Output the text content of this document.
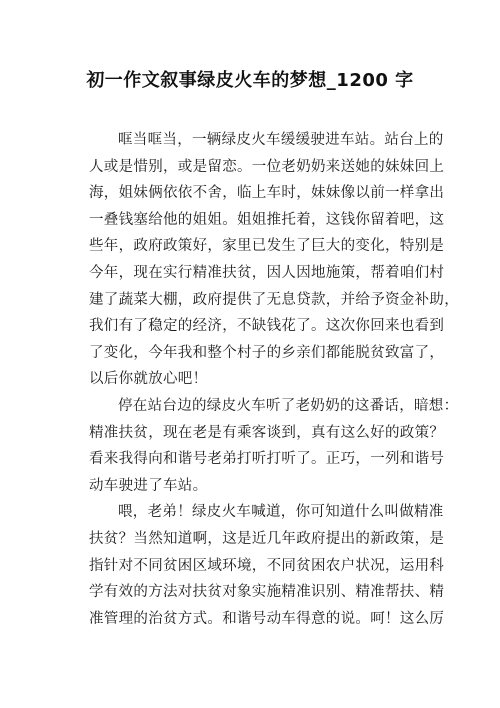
初一作文叙事绿皮火车的梦想_1200 字
哐当哐当，一辆绿皮火车缓缓驶进车站。站台上的
人或是惜别，或是留恋。一位老奶奶来送她的妹妹回上
海，姐妹俩依依不舍，临上车时，妹妹像以前一样拿出
一叠钱塞给他的姐姐。姐姐推托着，这钱你留着吧，这
些年，政府政策好，家里已发生了巨大的变化，特别是
今年，现在实行精准扶贫，因人因地施策，帮着咱们村
建了蔬菜大棚，政府提供了无息贷款，并给予资金补助，
我们有了稳定的经济，不缺钱花了。这次你回来也看到
了变化，今年我和整个村子的乡亲们都能脱贫致富了，
以后你就放心吧！
停在站台边的绿皮火车听了老奶奶的这番话，暗想：
精准扶贫，现在老是有乘客谈到，真有这么好的政策？
看来我得向和谐号老弟打听打听了。正巧，一列和谐号
动车驶进了车站。
喂，老弟！绿皮火车喊道，你可知道什么叫做精准
扶贫？当然知道啊，这是近几年政府提出的新政策，是
指针对不同贫困区域环境，不同贫困农户状况，运用科
学有效的方法对扶贫对象实施精准识别、精准帮扶、精
准管理的治贫方式。和谐号动车得意的说。呵！这么厉
